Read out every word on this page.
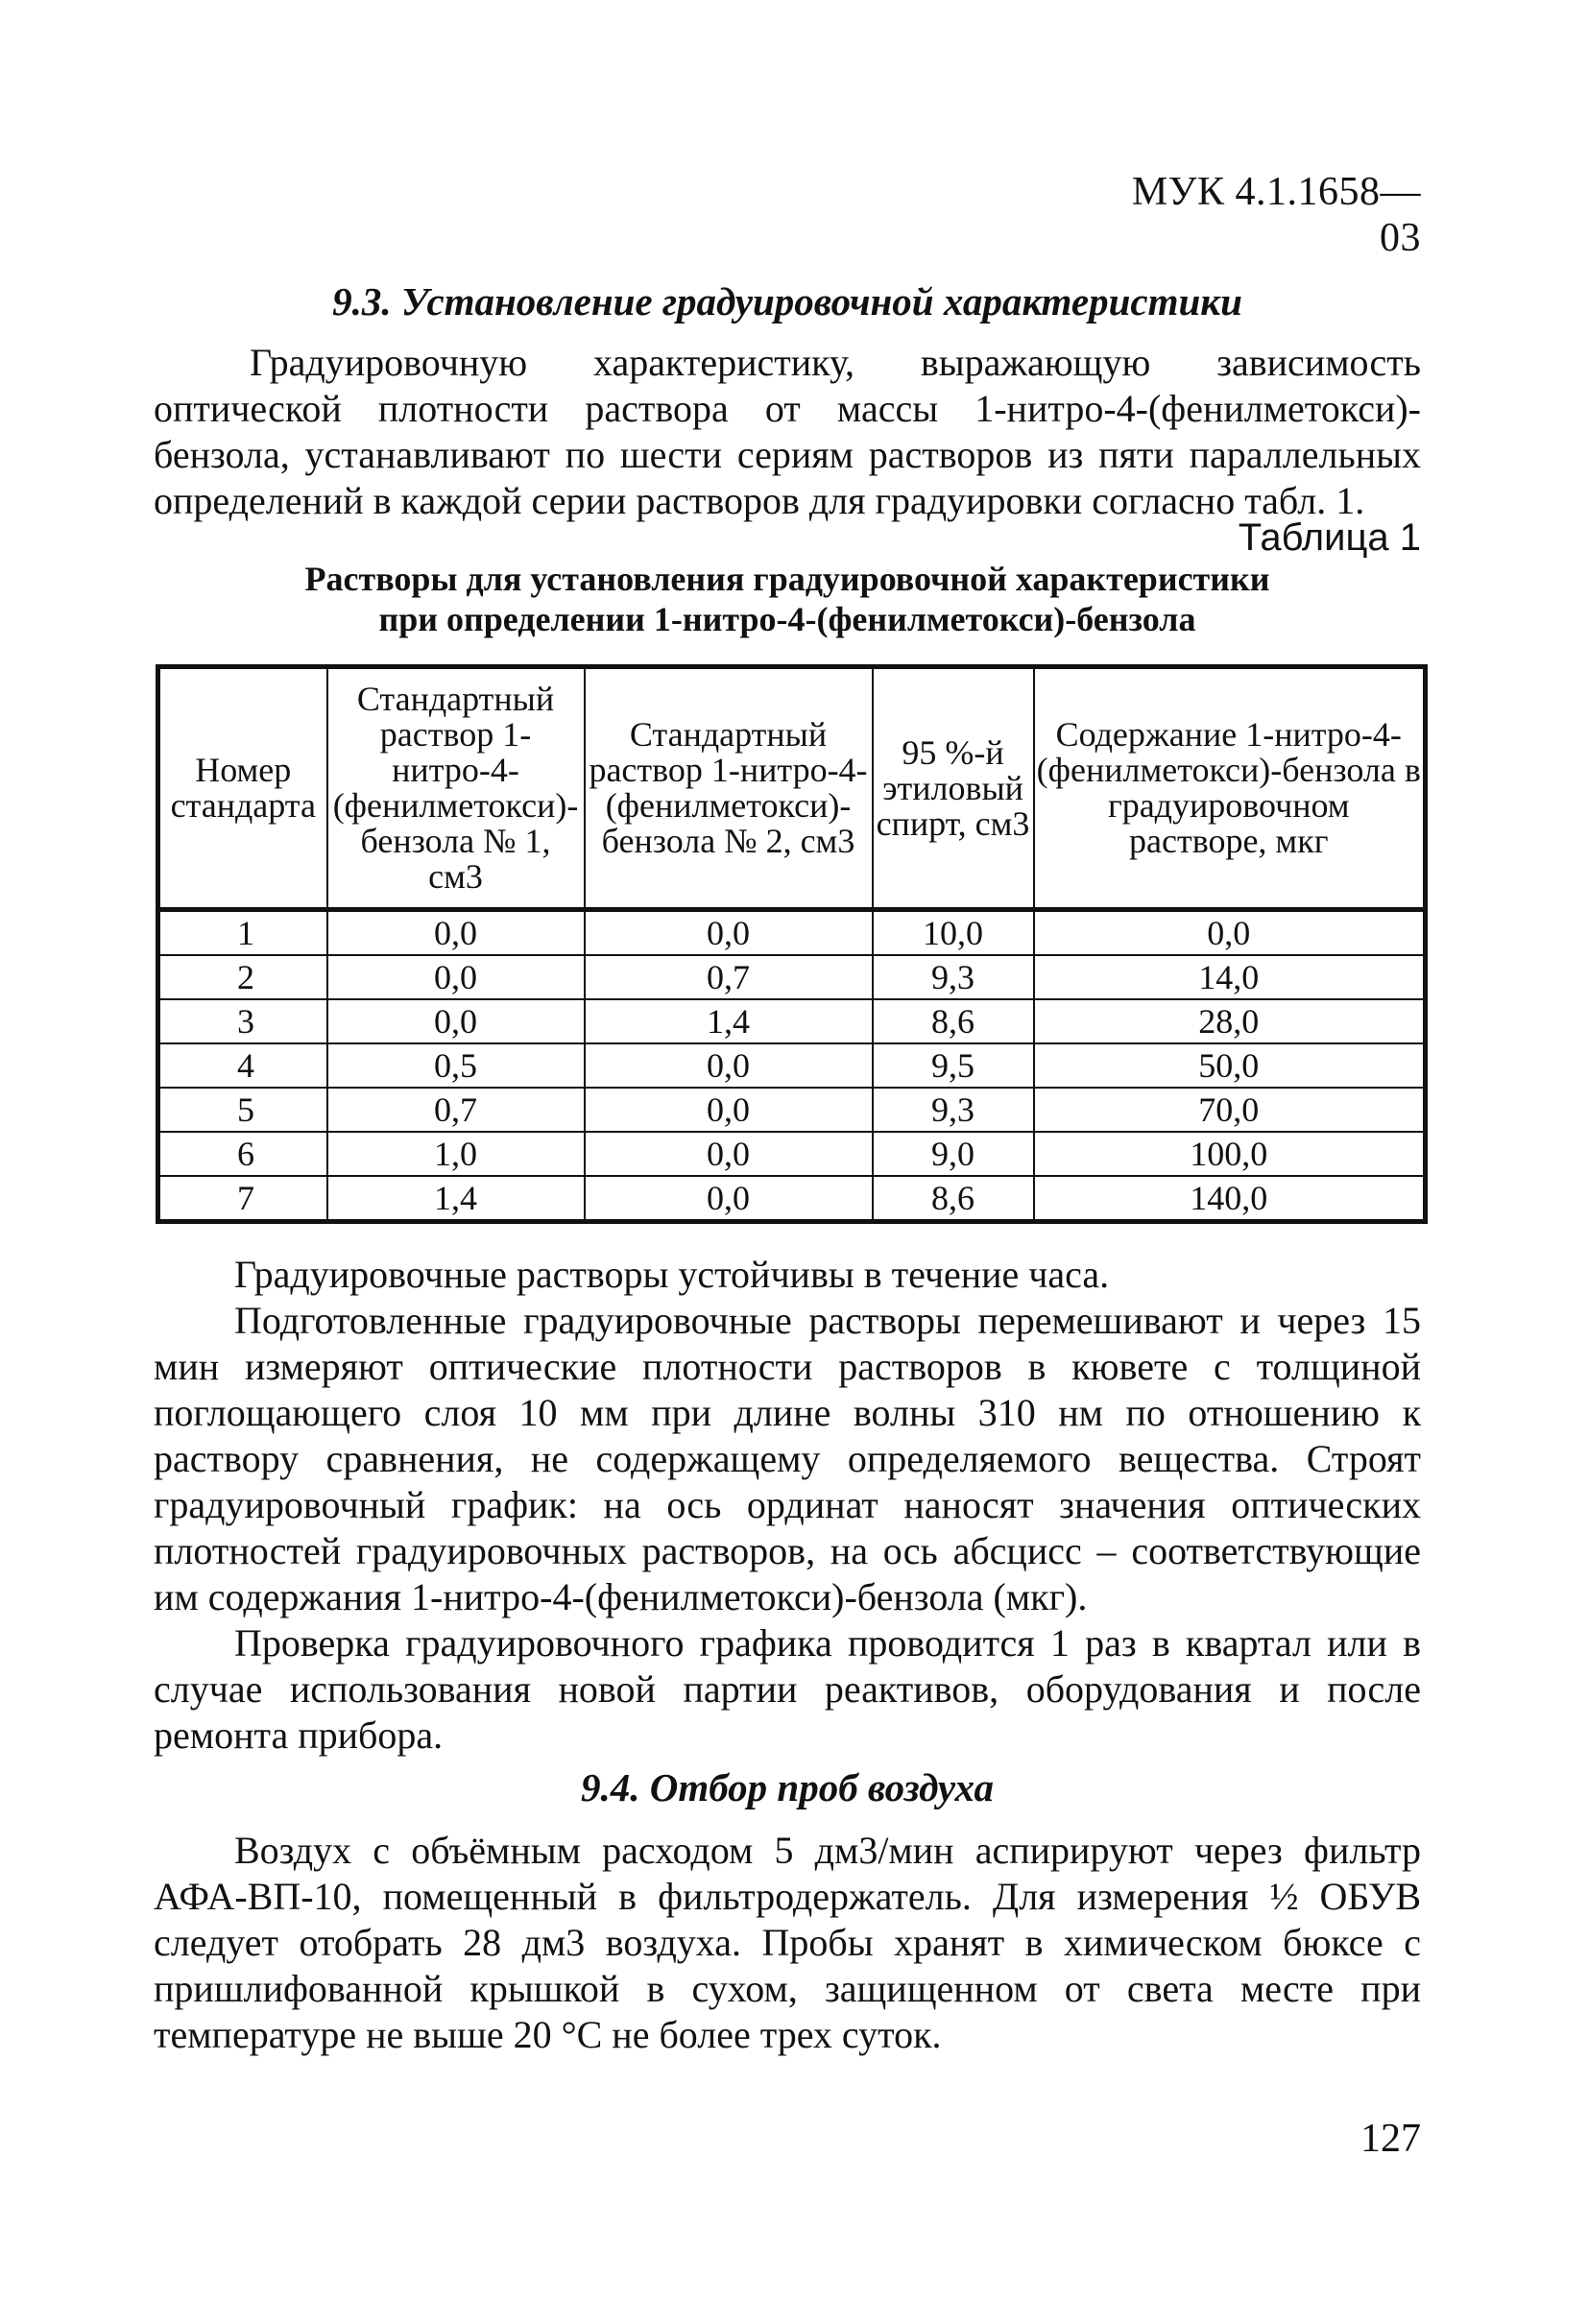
МУК 4.1.1658—03
9.3. Установление градуировочной характеристики

Градуировочную характеристику, выражающую зависимость оптической плотности раствора от массы 1-нитро-4-(фенилметокси)-бензола, устанавливают по шести сериям растворов из пяти параллельных определений в каждой серии растворов для градуировки согласно табл. 1.

Таблица 1
Растворы для установления градуировочной характеристики
при определении 1-нитро-4-(фенилметокси)-бензола
Номер стандарта	Стандартный раствор 1-нитро-4-(фенилметокси)-бензола № 1, см3	Стандартный раствор 1-нитро-4-(фенилметокси)-бензола № 2, см3	95 %-й этиловый спирт, см3	Содержание 1-нитро-4-(фенилметокси)-бензола в градуировочном растворе, мкг
1	0,0	0,0	10,0	0,0
2	0,0	0,7	9,3	14,0
3	0,0	1,4	8,6	28,0
4	0,5	0,0	9,5	50,0
5	0,7	0,0	9,3	70,0
6	1,0	0,0	9,0	100,0
7	1,4	0,0	8,6	140,0

Градуировочные растворы устойчивы в течение часа.

Подготовленные градуировочные растворы перемешивают и через 15 мин измеряют оптические плотности растворов в кювете с толщиной поглощающего слоя 10 мм при длине волны 310 нм по отношению к раствору сравнения, не содержащему определяемого вещества. Строят градуировочный график: на ось ординат наносят значения оптических плотностей градуировочных растворов, на ось абсцисс – соответствующие им содержания 1-нитро-4-(фенилметокси)-бензола (мкг).

Проверка градуировочного графика проводится 1 раз в квартал или в случае использования новой партии реактивов, оборудования и после ремонта прибора.

9.4. Отбор проб воздуха

Воздух с объёмным расходом 5 дм3/мин аспирируют через фильтр АФА-ВП-10, помещенный в фильтродержатель. Для измерения ½ ОБУВ следует отобрать 28 дм3 воздуха. Пробы хранят в химическом бюксе с пришлифованной крышкой в сухом, защищенном от света месте при температуре не выше 20 °С не более трех суток.

127
